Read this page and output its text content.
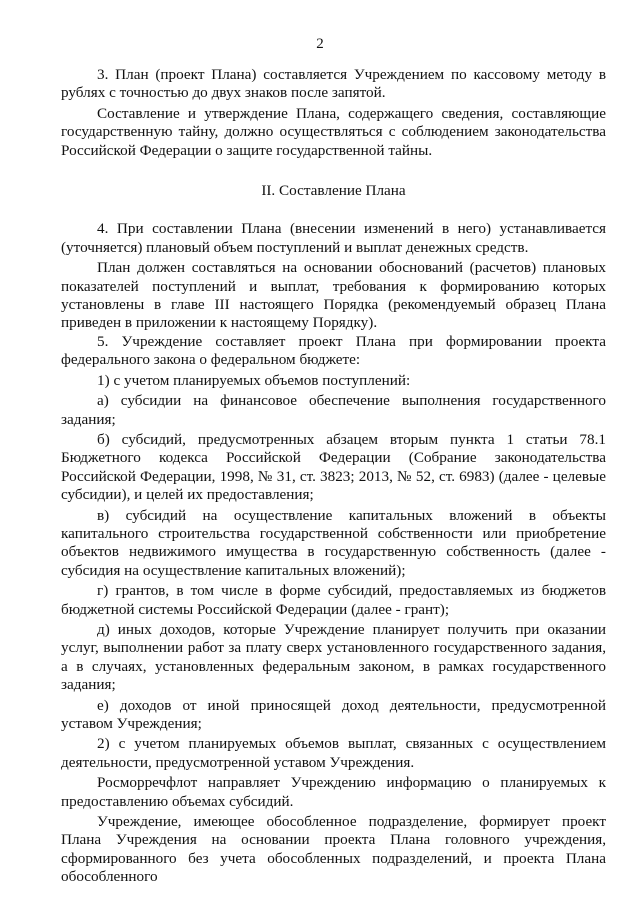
2

3. План (проект Плана) составляется Учреждением по кассовому методу в рублях с точностью до двух знаков после запятой.

Составление и утверждение Плана, содержащего сведения, составляющие государственную тайну, должно осуществляться с соблюдением законодательства Российской Федерации о защите государственной тайны.

II. Составление Плана

4. При составлении Плана (внесении изменений в него) устанавливается (уточняется) плановый объем поступлений и выплат денежных средств.

План должен составляться на основании обоснований (расчетов) плановых показателей поступлений и выплат, требования к формированию которых установлены в главе III настоящего Порядка (рекомендуемый образец Плана приведен в приложении к настоящему Порядку).

5. Учреждение составляет проект Плана при формировании проекта федерального закона о федеральном бюджете:

1) с учетом планируемых объемов поступлений:

а) субсидии на финансовое обеспечение выполнения государственного задания;

б) субсидий, предусмотренных абзацем вторым пункта 1 статьи 78.1 Бюджетного кодекса Российской Федерации (Собрание законодательства Российской Федерации, 1998, № 31, ст. 3823; 2013, № 52, ст. 6983) (далее - целевые субсидии), и целей их предоставления;

в) субсидий на осуществление капитальных вложений в объекты капитального строительства государственной собственности или приобретение объектов недвижимого имущества в государственную собственность (далее - субсидия на осуществление капитальных вложений);

г) грантов, в том числе в форме субсидий, предоставляемых из бюджетов бюджетной системы Российской Федерации (далее - грант);

д) иных доходов, которые Учреждение планирует получить при оказании услуг, выполнении работ за плату сверх установленного государственного задания, а в случаях, установленных федеральным законом, в рамках государственного задания;

е) доходов от иной приносящей доход деятельности, предусмотренной уставом Учреждения;

2) с учетом планируемых объемов выплат, связанных с осуществлением деятельности, предусмотренной уставом Учреждения.

Росморречфлот направляет Учреждению информацию о планируемых к предоставлению объемах субсидий.

Учреждение, имеющее обособленное подразделение, формирует проект Плана Учреждения на основании проекта Плана головного учреждения, сформированного без учета обособленных подразделений, и проекта Плана обособленного
